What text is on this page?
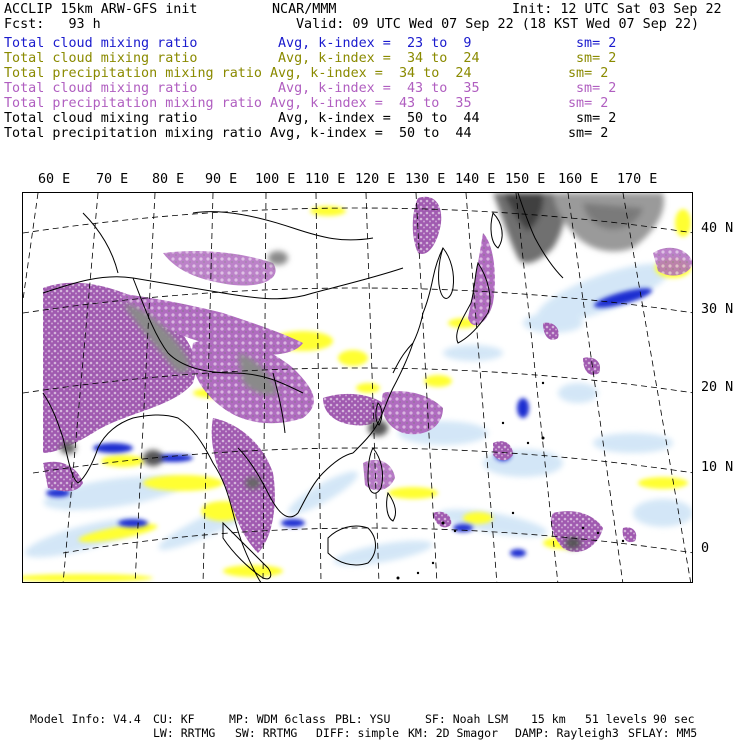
ACCLIP 15km ARW-GFS init	NCAR/MMM	Init: 12 UTC Sat 03 Sep 22
Fcst:   93 h	Valid: 09 UTC Wed 07 Sep 22 (18 KST Wed 07 Sep 22)
Total cloud mixing ratio	Avg, k-index =  23 to  9	sm= 2
Total cloud mixing ratio	Avg, k-index =  34 to  24	sm= 2
Total precipitation mixing ratio Avg, k-index =  34 to  24	sm= 2
Total cloud mixing ratio	Avg, k-index =  43 to  35	sm= 2
Total precipitation mixing ratio Avg, k-index =  43 to  35	sm= 2
Total cloud mixing ratio	Avg, k-index =  50 to  44	sm= 2
Total precipitation mixing ratio Avg, k-index =  50 to  44	sm= 2
60 E 70 E 80 E 90 E 100 E 110 E 120 E 130 E 140 E 150 E 160 E 170 E
40 N
30 N
20 N
10 N
0
Model Info: V4.4 CU: KF	MP: WDM 6class PBL: YSU	SF: Noah LSM 15 km 51 levels 90 sec
LW: RRTMG SW: RRTMG DIFF: simple KM: 2D Smagor DAMP: Rayleigh3 SFLAY: MM5
